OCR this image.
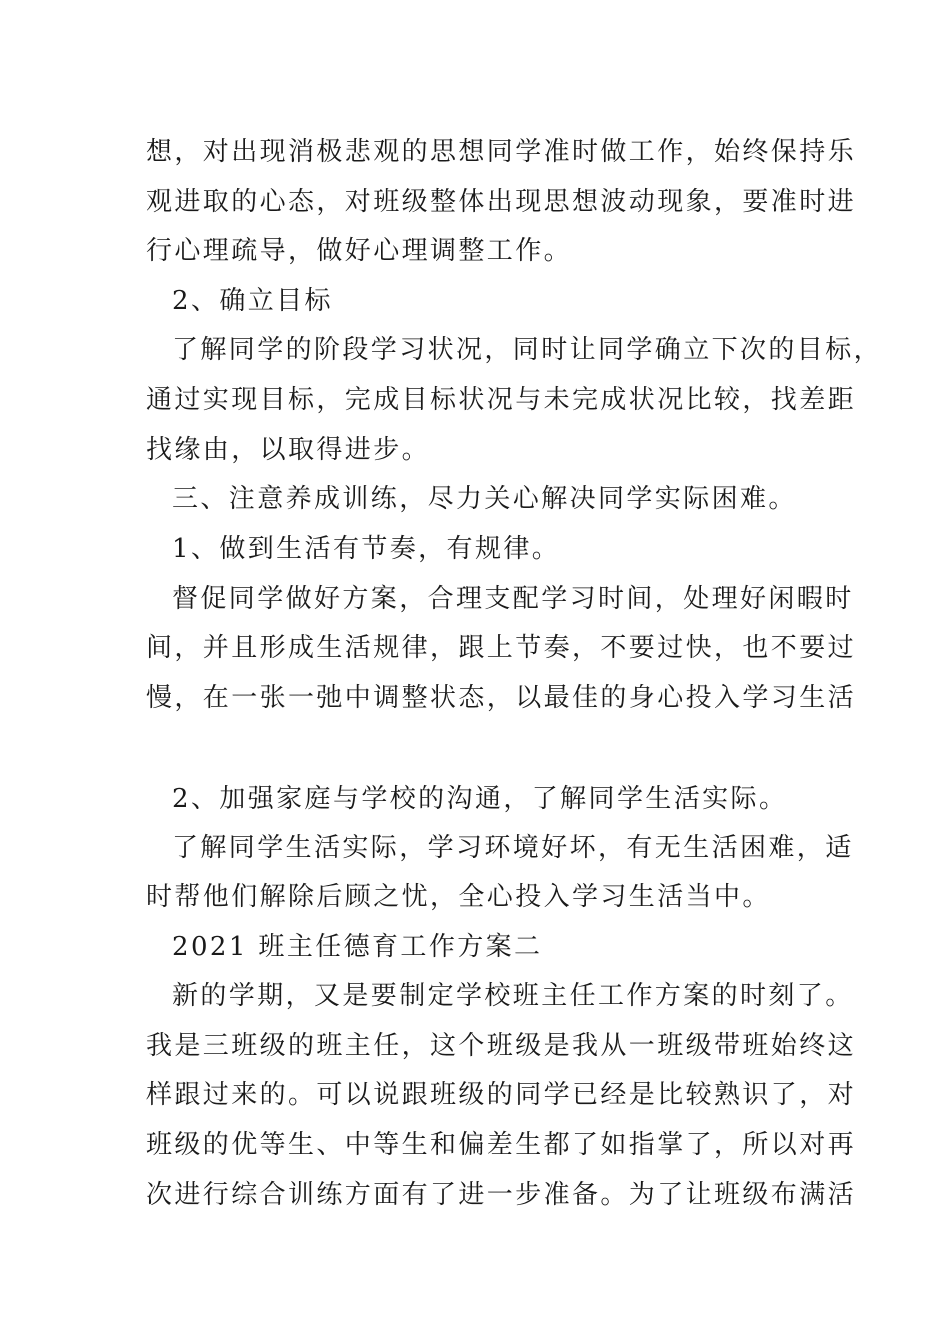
想，对出现消极悲观的思想同学准时做工作，始终保持乐
观进取的心态，对班级整体出现思想波动现象，要准时进
行心理疏导，做好心理调整工作。
2、确立目标
了解同学的阶段学习状况，同时让同学确立下次的目标，
通过实现目标，完成目标状况与未完成状况比较，找差距
找缘由，以取得进步。
三、注意养成训练，尽力关心解决同学实际困难。
1、做到生活有节奏，有规律。
督促同学做好方案，合理支配学习时间，处理好闲暇时
间，并且形成生活规律，跟上节奏，不要过快，也不要过
慢，在一张一弛中调整状态，以最佳的身心投入学习生活
2、加强家庭与学校的沟通，了解同学生活实际。
了解同学生活实际，学习环境好坏，有无生活困难，适
时帮他们解除后顾之忧，全心投入学习生活当中。
2021 班主任德育工作方案二
新的学期，又是要制定学校班主任工作方案的时刻了。
我是三班级的班主任，这个班级是我从一班级带班始终这
样跟过来的。可以说跟班级的同学已经是比较熟识了，对
班级的优等生、中等生和偏差生都了如指掌了，所以对再
次进行综合训练方面有了进一步准备。为了让班级布满活
